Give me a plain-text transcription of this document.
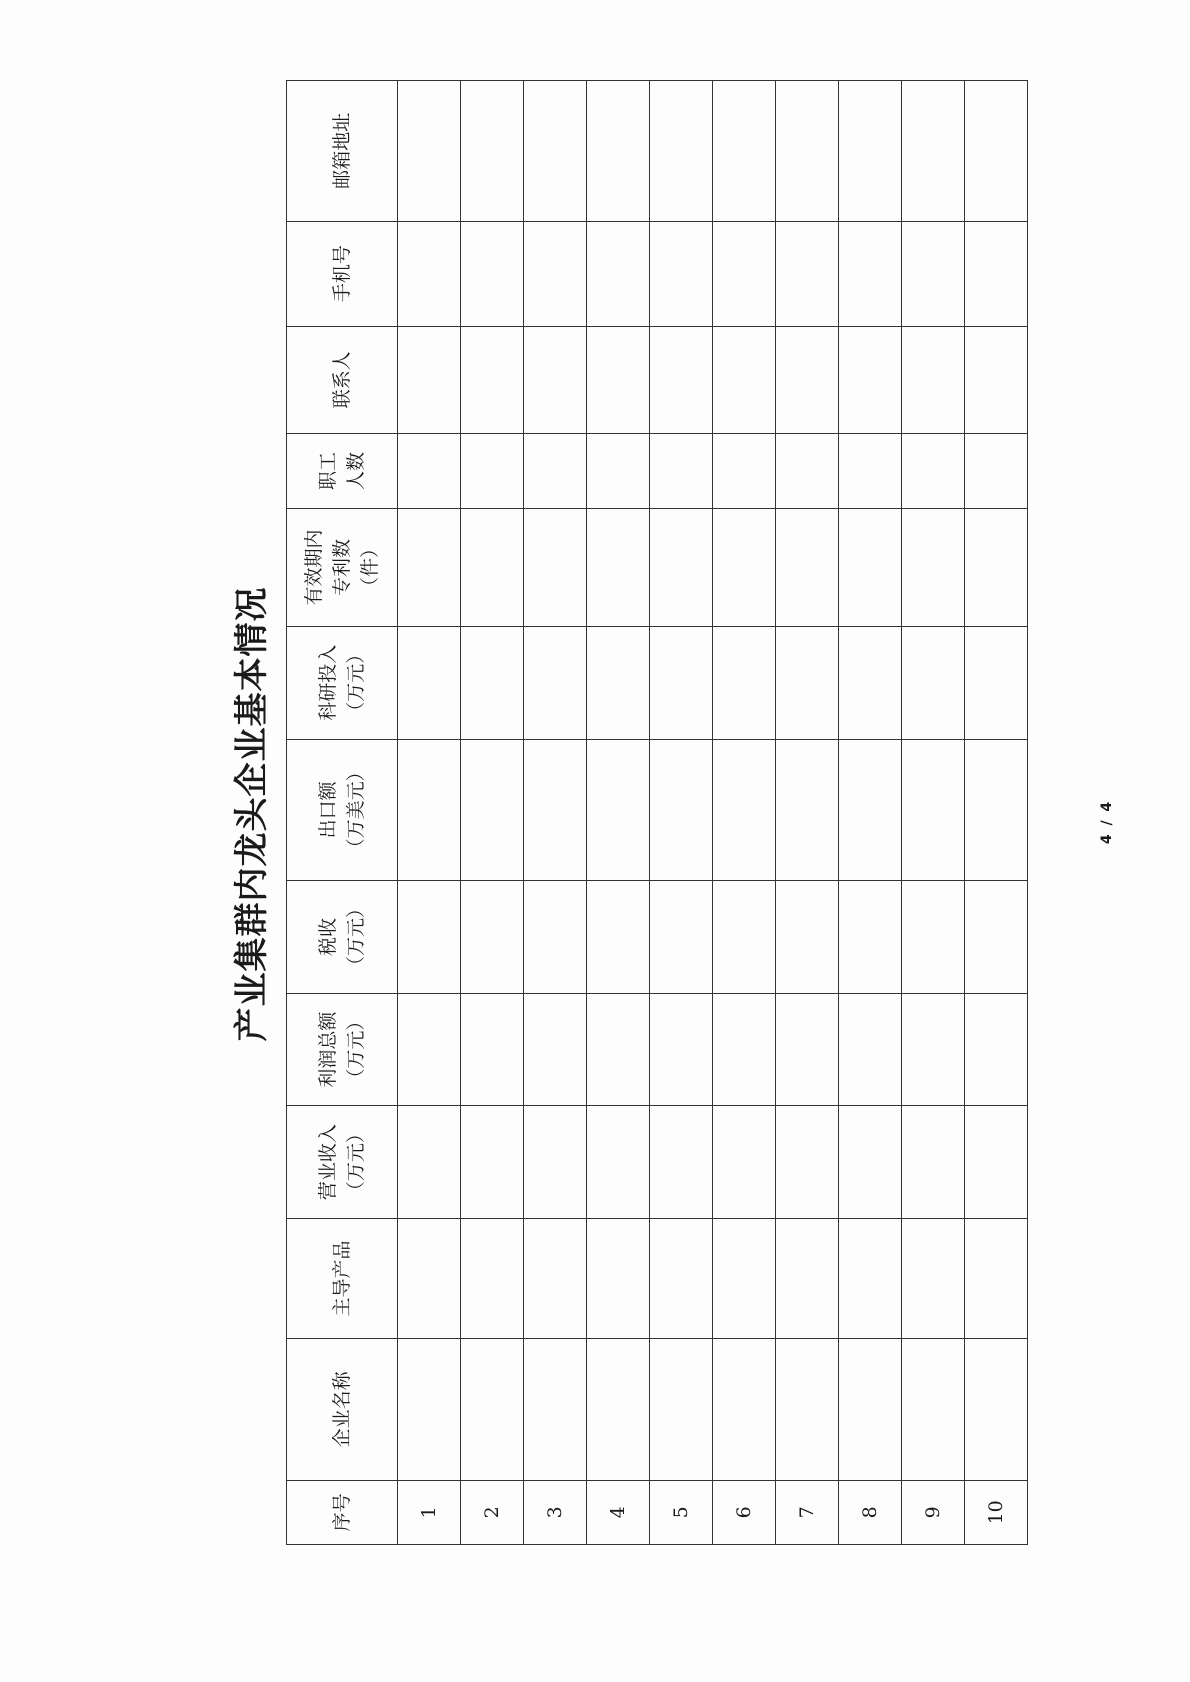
产业集群内龙头企业基本情况
序号	企业名称	主导产品	营业收入 （万元）	利润总额 （万元）	税收 （万元）	出口额 （万美元）	科研投入 （万元）	有效期内 专利数 （件）	职工 人数	联系人	手机号	邮箱地址

1												
2												
3												
4												
5												
6												
7												
8												
9												
10												
4 / 4
